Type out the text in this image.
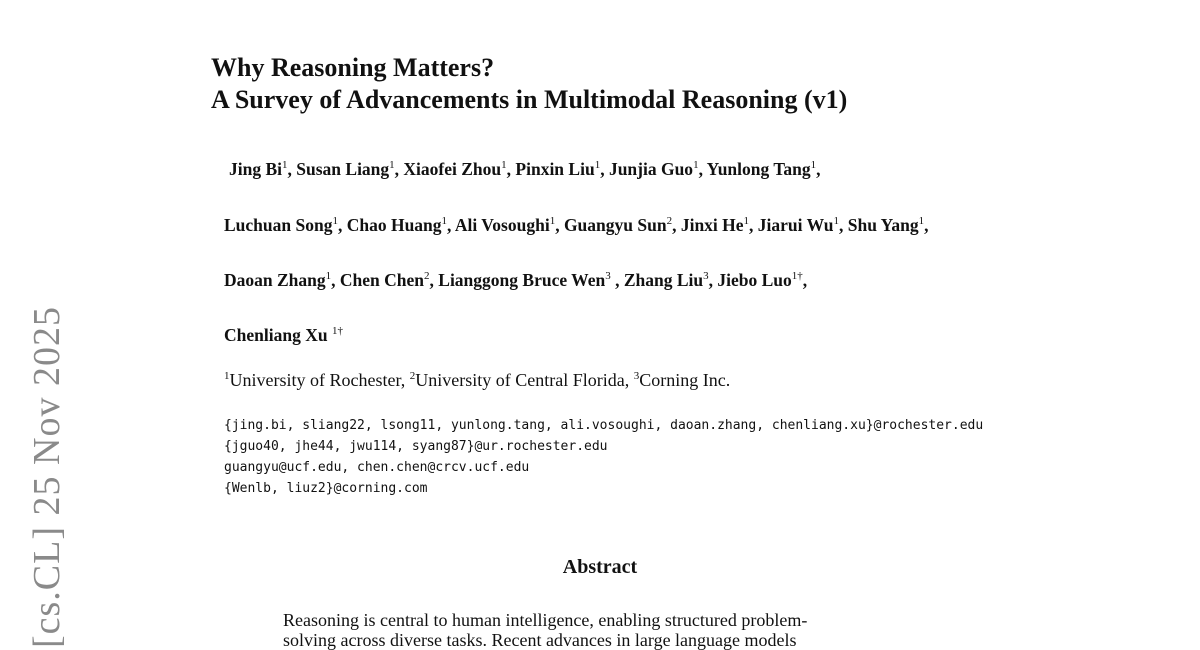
Why Reasoning Matters?
A Survey of Advancements in Multimodal Reasoning (v1)
Jing Bi$^1$, Susan Liang$^1$, Xiaofei Zhou$^1$, Pinxin Liu$^1$, Junjia Guo$^1$, Yunlong Tang$^1$,
Luchuan Song$^1$, Chao Huang$^1$, Ali Vosoughi$^1$, Guangyu Sun$^2$, Jinxi He$^1$, Jiarui Wu$^1$, Shu Yang$^1$,
Daoan Zhang$^1$, Chen Chen$^2$, Lianggong Bruce Wen$^3$ , Zhang Liu$^3$, Jiebo Luo$^{1\dagger}$,
Chenliang Xu $^{1\dagger}$
$^1$University of Rochester, $^2$University of Central Florida, $^3$Corning Inc.
{jing.bi, sliang22, lsong11, yunlong.tang, ali.vosoughi, daoan.zhang, chenliang.xu}@rochester.edu
{jguo40, jhe44, jwu114, syang87}@ur.rochester.edu
guangyu@ucf.edu, chen.chen@crcv.ucf.edu
{Wenlb, liuz2}@corning.com
Abstract
Reasoning is central to human intelligence, enabling structured problem-
solving across diverse tasks. Recent advances in large language models
[cs.CL] 25 Nov 2025
